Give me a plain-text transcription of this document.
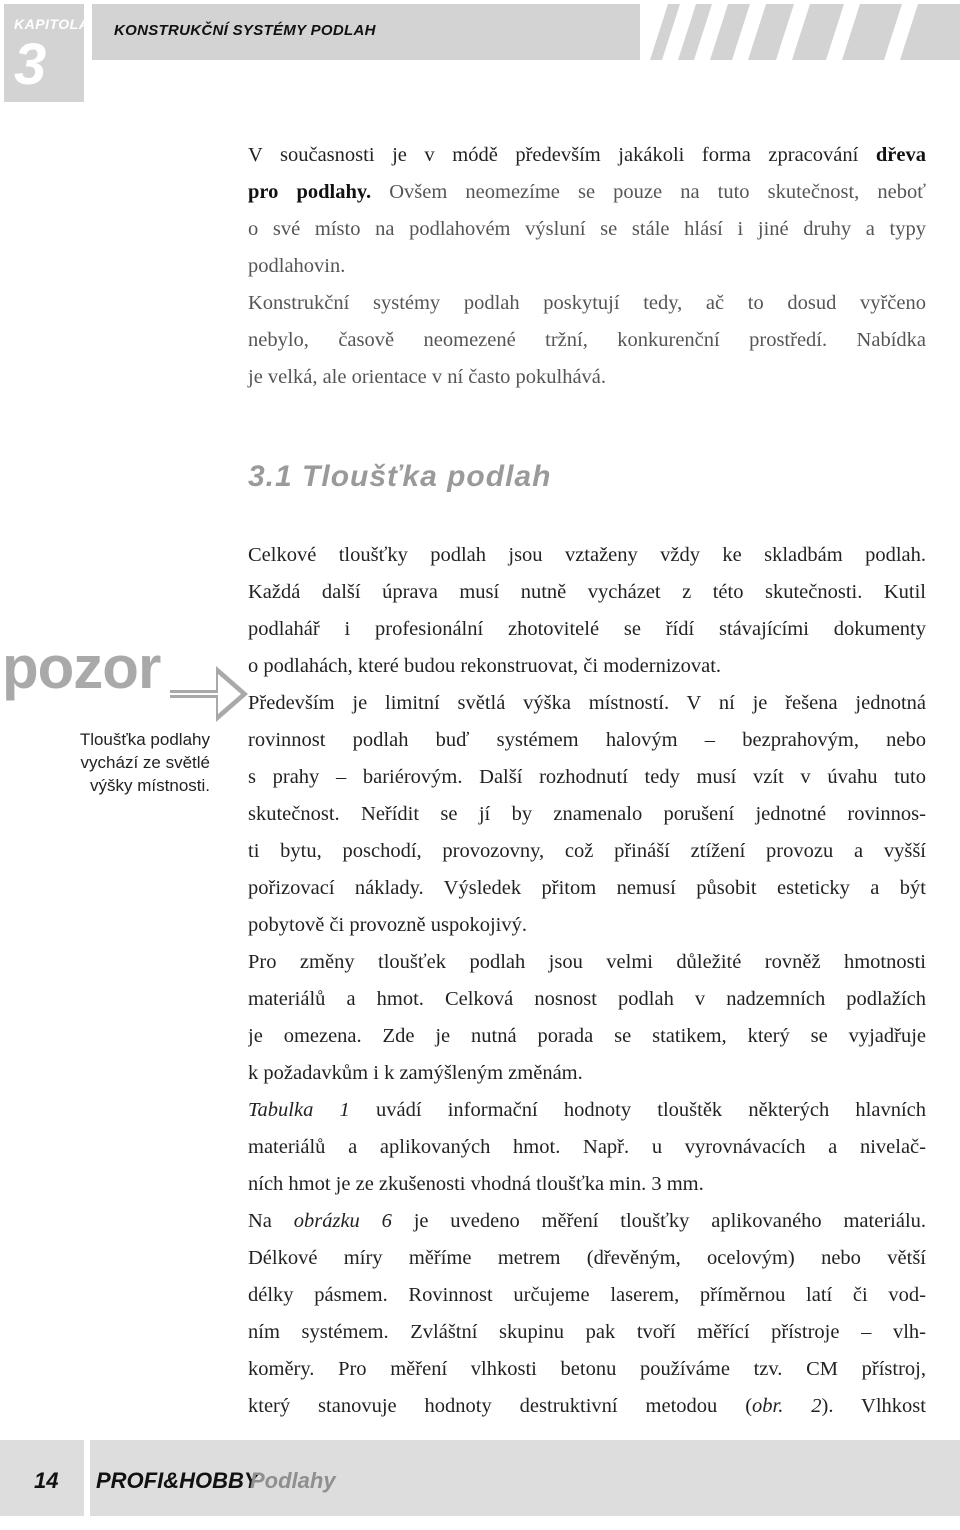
KAPITOLA
3
KONSTRUKČNÍ SYSTÉMY PODLAH
V současnosti je v módě především jakákoli forma zpracování dřeva
pro podlahy. Ovšem neomezíme se pouze na tuto skutečnost, neboť
o své místo na podlahovém výsluní se stále hlásí i jiné druhy a typy
podlahovin.
Konstrukční systémy podlah poskytují tedy, ač to dosud vyřčeno
nebylo, časově neomezené tržní, konkurenční prostředí. Nabídka
je velká, ale orientace v ní často pokulhává.
3.1 Tloušťka podlah
pozor
Tloušťka podlahy
vychází ze světlé
výšky místnosti.
Celkové tloušťky podlah jsou vztaženy vždy ke skladbám podlah.
Každá další úprava musí nutně vycházet z této skutečnosti. Kutil
podlahář i profesionální zhotovitelé se řídí stávajícími dokumenty
o podlahách, které budou rekonstruovat, či modernizovat.
Především je limitní světlá výška místností. V ní je řešena jednotná
rovinnost podlah buď systémem halovým – bezprahovým, nebo
s prahy – bariérovým. Další rozhodnutí tedy musí vzít v úvahu tuto
skutečnost. Neřídit se jí by znamenalo porušení jednotné rovinnos-
ti bytu, poschodí, provozovny, což přináší ztížení provozu a vyšší
pořizovací náklady. Výsledek přitom nemusí působit esteticky a být
pobytově či provozně uspokojivý.
Pro změny tloušťek podlah jsou velmi důležité rovněž hmotnosti
materiálů a hmot. Celková nosnost podlah v nadzemních podlažích
je omezena. Zde je nutná porada se statikem, který se vyjadřuje
k požadavkům i k zamýšleným změnám.
Tabulka 1 uvádí informační hodnoty tlouštěk některých hlavních
materiálů a aplikovaných hmot. Např. u vyrovnávacích a nivelač-
ních hmot je ze zkušenosti vhodná tloušťka min. 3 mm.
Na obrázku 6 je uvedeno měření tloušťky aplikovaného materiálu.
Délkové míry měříme metrem (dřevěným, ocelovým) nebo větší
délky pásmem. Rovinnost určujeme laserem, příměrnou latí či vod-
ním systémem. Zvláštní skupinu pak tvoří měřící přístroje – vlh-
koměry. Pro měření vlhkosti betonu používáme tzv. CM přístroj,
který stanovuje hodnoty destruktivní metodou (obr. 2). Vlhkost
14 PROFI&HOBBY
Podlahy
